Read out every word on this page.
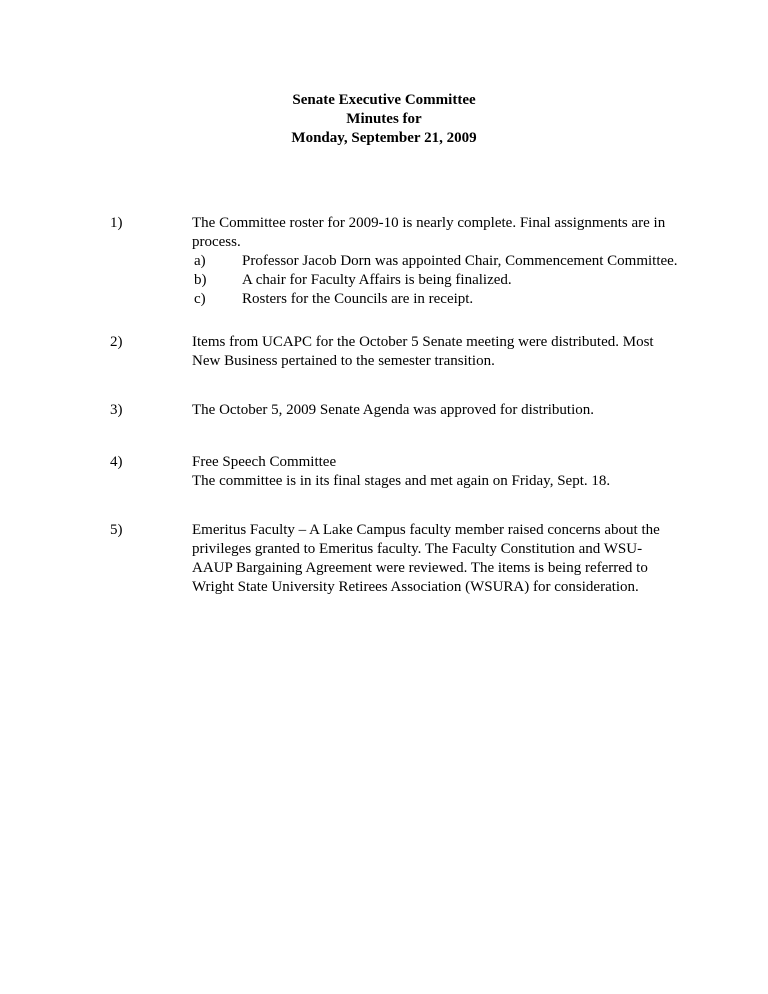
Senate Executive Committee
Minutes for
Monday, September 21, 2009
1)	The Committee roster for 2009-10 is nearly complete. Final assignments are in
process.
a) Professor Jacob Dorn was appointed Chair, Commencement Committee.
b) A chair for Faculty Affairs is being finalized.
c) Rosters for the Councils are in receipt.
2)	Items from UCAPC for the October 5 Senate meeting were distributed. Most
New Business pertained to the semester transition.
3)	The October 5, 2009 Senate Agenda was approved for distribution.
4)	Free Speech Committee
The committee is in its final stages and met again on Friday, Sept. 18.
5)	Emeritus Faculty – A Lake Campus faculty member raised concerns about the
privileges granted to Emeritus faculty. The Faculty Constitution and WSU-
AAUP Bargaining Agreement were reviewed. The items is being referred to
Wright State University Retirees Association (WSURA) for consideration.
